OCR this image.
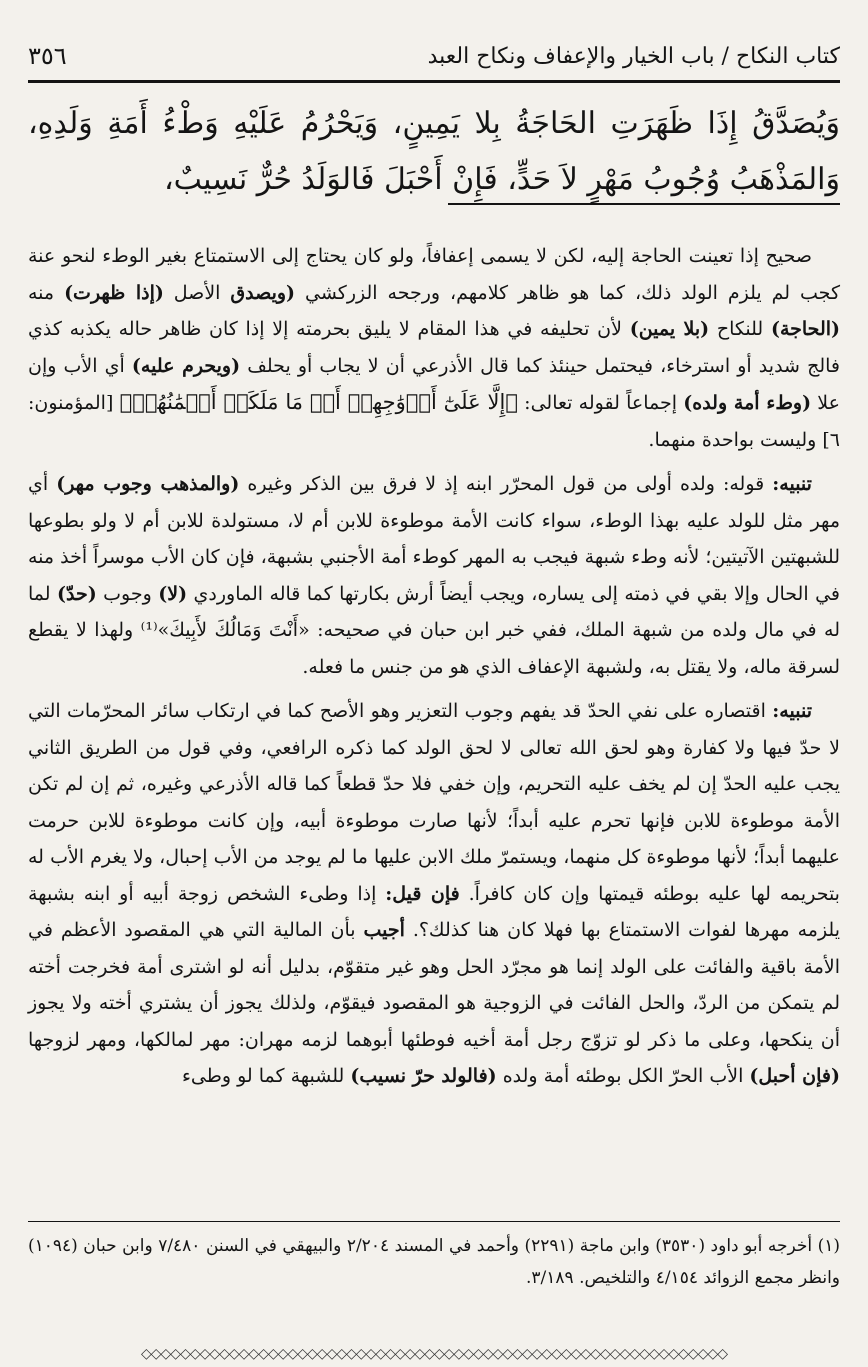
كتاب النكاح / باب الخيار والإعفاف ونكاح العبد
٣٥٦
وَيُصَدَّقُ إِذَا ظَهَرَتِ الحَاجَةُ بِلا يَمِينٍ، وَيَحْرُمُ عَلَيْهِ وَطْءُ أَمَةِ وَلَدِهِ، وَالمَذْهَبُ وُجُوبُ مَهْرٍ لاَ حَدٍّ، فَإِنْ أَحْبَلَ فَالوَلَدُ حُرٌّ نَسِيبٌ،

صحيح إذا تعينت الحاجة إليه، لكن لا يسمى إعفافاً، ولو كان يحتاج إلى الاستمتاع بغير الوطء لنحو عنة كجب لم يلزم الولد ذلك، كما هو ظاهر كلامهم، ورجحه الزركشي (ويصدق الأصل (إذا ظهرت) منه (الحاجة) للنكاح (بلا يمين) لأن تحليفه في هذا المقام لا يليق بحرمته إلا إذا كان ظاهر حاله يكذبه كذي فالج شديد أو استرخاء، فيحتمل حينئذ كما قال الأذرعي أن لا يجاب أو يحلف (ويحرم عليه) أي الأب وإن علا (وطء أمة ولده) إجماعاً لقوله تعالى: ﴿إِلَّا عَلَىٰٓ أَزۡوَٰجِهِمۡ أَوۡ مَا مَلَكَتۡ أَيۡمَٰنُهُمۡ﴾ [المؤمنون: ٦] وليست بواحدة منهما.

تنبيه: قوله: ولده أولى من قول المحرّر ابنه إذ لا فرق بين الذكر وغيره (والمذهب وجوب مهر) أي مهر مثل للولد عليه بهذا الوطء، سواء كانت الأمة موطوءة للابن أم لا، مستولدة للابن أم لا ولو بطوعها للشبهتين الآتيتين؛ لأنه وطء شبهة فيجب به المهر كوطء أمة الأجنبي بشبهة، فإن كان الأب موسراً أخذ منه في الحال وإلا بقي في ذمته إلى يساره، ويجب أيضاً أرش بكارتها كما قاله الماوردي (لا) وجوب (حدّ) لما له في مال ولده من شبهة الملك، ففي خبر ابن حبان في صحيحه: «أَنْتَ وَمَالُكَ لأَبِيكَ»⁽¹⁾ ولهذا لا يقطع لسرقة ماله، ولا يقتل به، ولشبهة الإعفاف الذي هو من جنس ما فعله.

تنبيه: اقتصاره على نفي الحدّ قد يفهم وجوب التعزير وهو الأصح كما في ارتكاب سائر المحرّمات التي لا حدّ فيها ولا كفارة وهو لحق الله تعالى لا لحق الولد كما ذكره الرافعي، وفي قول من الطريق الثاني يجب عليه الحدّ إن لم يخف عليه التحريم، وإن خفي فلا حدّ قطعاً كما قاله الأذرعي وغيره، ثم إن لم تكن الأمة موطوءة للابن فإنها تحرم عليه أبداً؛ لأنها صارت موطوءة أبيه، وإن كانت موطوءة للابن حرمت عليهما أبداً؛ لأنها موطوءة كل منهما، ويستمرّ ملك الابن عليها ما لم يوجد من الأب إحبال، ولا يغرم الأب له بتحريمه لها عليه بوطئه قيمتها وإن كان كافراً. فإن قيل: إذا وطىء الشخص زوجة أبيه أو ابنه بشبهة يلزمه مهرها لفوات الاستمتاع بها فهلا كان هنا كذلك؟. أجيب بأن المالية التي هي المقصود الأعظم في الأمة باقية والفائت على الولد إنما هو مجرّد الحل وهو غير متقوّم، بدليل أنه لو اشترى أمة فخرجت أخته لم يتمكن من الردّ، والحل الفائت في الزوجية هو المقصود فيقوّم، ولذلك يجوز أن يشتري أخته ولا يجوز أن ينكحها، وعلى ما ذكر لو تزوّج رجل أمة أخيه فوطئها أبوهما لزمه مهران: مهر لمالكها، ومهر لزوجها (فإن أحبل) الأب الحرّ الكل بوطئه أمة ولده (فالولد حرّ نسيب) للشبهة كما لو وطىء

(١) أخرجه أبو داود (٣٥٣٠) وابن ماجة (٢٢٩١) وأحمد في المسند ٢/٢٠٤ والبيهقي في السنن ٧/٤٨٠ وابن حبان (١٠٩٤) وانظر مجمع الزوائد ٤/١٥٤ والتلخيص. ٣/١٨٩.
◇◇◇◇◇◇◇◇◇◇◇◇◇◇◇◇◇◇◇◇◇◇◇◇◇◇◇◇◇◇◇◇◇◇◇◇◇◇◇◇◇◇◇◇◇◇◇◇◇◇◇◇◇◇◇◇◇◇◇◇
